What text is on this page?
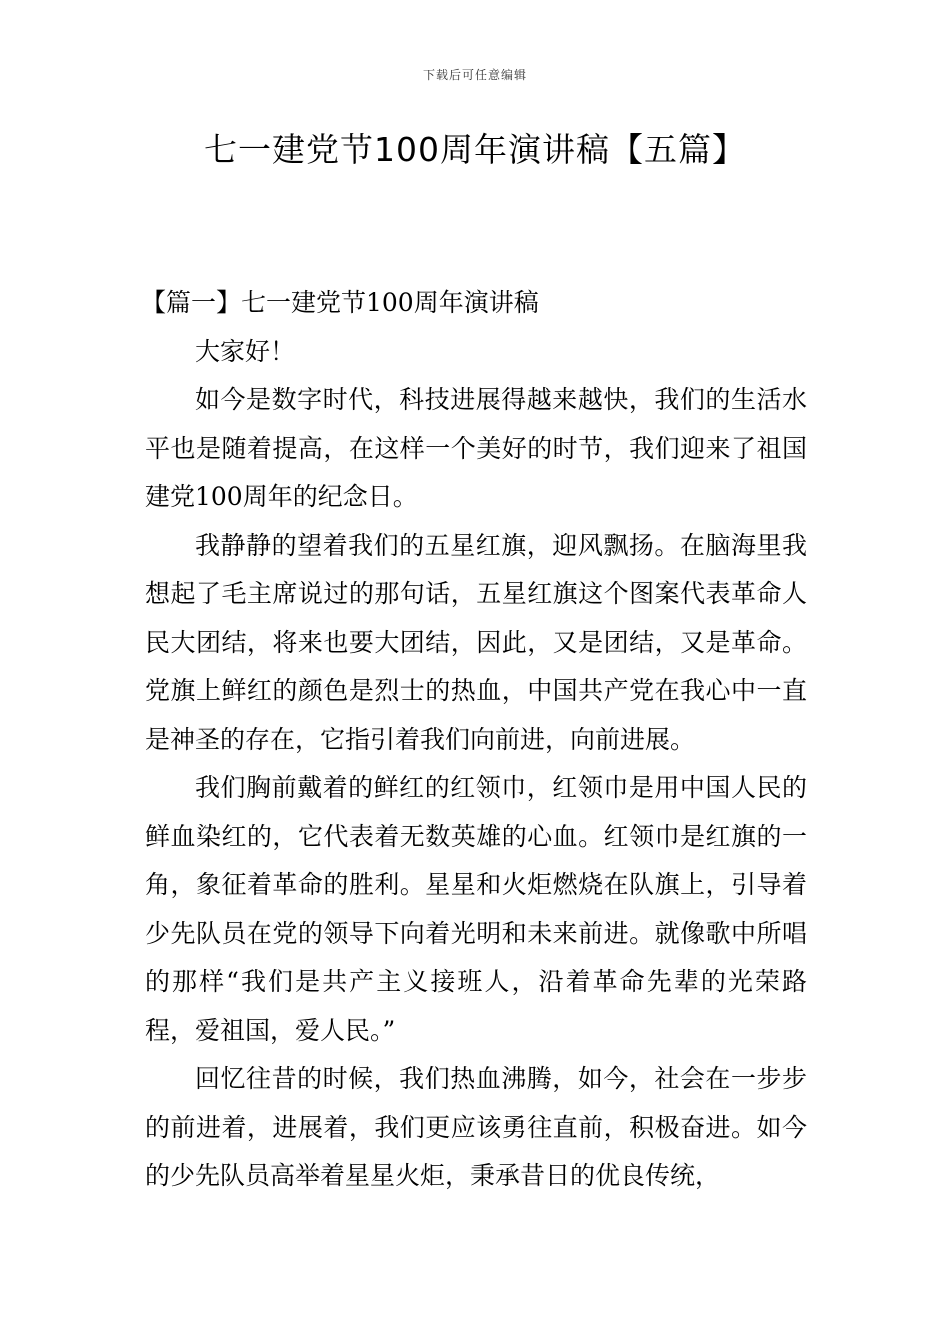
下载后可任意编辑
七一建党节100周年演讲稿【五篇】
【篇一】七一建党节100周年演讲稿

大家好！

如今是数字时代，科技进展得越来越快，我们的生活水平也是随着提高，在这样一个美好的时节，我们迎来了祖国建党100周年的纪念日。

我静静的望着我们的五星红旗，迎风飘扬。在脑海里我想起了毛主席说过的那句话，五星红旗这个图案代表革命人民大团结，将来也要大团结，因此，又是团结，又是革命。党旗上鲜红的颜色是烈士的热血，中国共产党在我心中一直是神圣的存在，它指引着我们向前进，向前进展。

我们胸前戴着的鲜红的红领巾，红领巾是用中国人民的鲜血染红的，它代表着无数英雄的心血。红领巾是红旗的一角，象征着革命的胜利。星星和火炬燃烧在队旗上，引导着少先队员在党的领导下向着光明和未来前进。就像歌中所唱的那样“我们是共产主义接班人，沿着革命先辈的光荣路程，爱祖国，爱人民。”

回忆往昔的时候，我们热血沸腾，如今，社会在一步步的前进着，进展着，我们更应该勇往直前，积极奋进。如今的少先队员高举着星星火炬，秉承昔日的优良传统，
